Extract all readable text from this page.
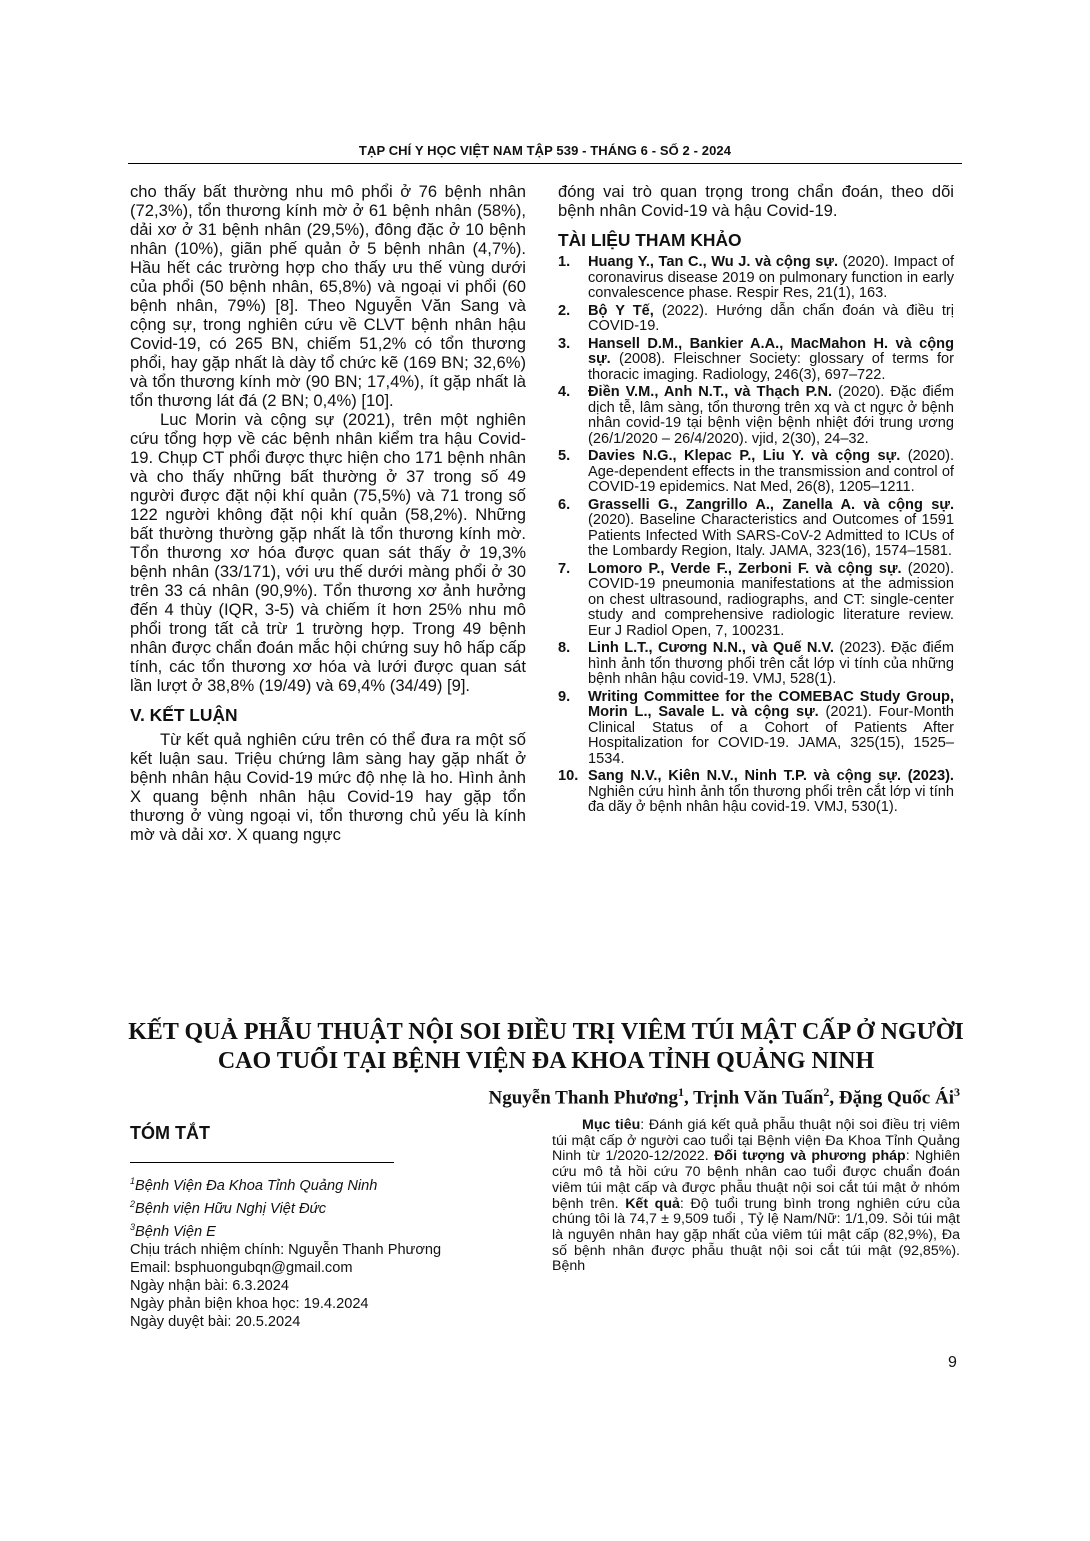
TẠP CHÍ Y HỌC VIỆT NAM TẬP 539 - THÁNG 6 - SỐ 2 - 2024

cho thấy bất thường nhu mô phổi ở 76 bệnh nhân (72,3%), tổn thương kính mờ ở 61 bệnh nhân (58%), dải xơ ở 31 bệnh nhân (29,5%), đông đặc ở 10 bệnh nhân (10%), giãn phế quản ở 5 bệnh nhân (4,7%). Hầu hết các trường hợp cho thấy ưu thế vùng dưới của phổi (50 bệnh nhân, 65,8%) và ngoại vi phổi (60 bệnh nhân, 79%) [8]. Theo Nguyễn Văn Sang và cộng sự, trong nghiên cứu về CLVT bệnh nhân hậu Covid-19, có 265 BN, chiếm 51,2% có tổn thương phổi, hay gặp nhất là dày tổ chức kẽ (169 BN; 32,6%) và tổn thương kính mờ (90 BN; 17,4%), ít gặp nhất là tổn thương lát đá (2 BN; 0,4%) [10].

Luc Morin và cộng sự (2021), trên một nghiên cứu tổng hợp về các bệnh nhân kiểm tra hậu Covid-19. Chụp CT phổi được thực hiện cho 171 bệnh nhân và cho thấy những bất thường ở 37 trong số 49 người được đặt nội khí quản (75,5%) và 71 trong số 122 người không đặt nội khí quản (58,2%). Những bất thường thường gặp nhất là tổn thương kính mờ. Tổn thương xơ hóa được quan sát thấy ở 19,3% bệnh nhân (33/171), với ưu thế dưới màng phổi ở 30 trên 33 cá nhân (90,9%). Tổn thương xơ ảnh hưởng đến 4 thùy (IQR, 3-5) và chiếm ít hơn 25% nhu mô phổi trong tất cả trừ 1 trường hợp. Trong 49 bệnh nhân được chẩn đoán mắc hội chứng suy hô hấp cấp tính, các tổn thương xơ hóa và lưới được quan sát lần lượt ở 38,8% (19/49) và 69,4% (34/49) [9].

V. KẾT LUẬN

Từ kết quả nghiên cứu trên có thể đưa ra một số kết luận sau. Triệu chứng lâm sàng hay gặp nhất ở bệnh nhân hậu Covid-19 mức độ nhẹ là ho. Hình ảnh X quang bệnh nhân hậu Covid-19 hay gặp tổn thương ở vùng ngoại vi, tổn thương chủ yếu là kính mờ và dải xơ. X quang ngực

đóng vai trò quan trọng trong chẩn đoán, theo dõi bệnh nhân Covid-19 và hậu Covid-19.

TÀI LIỆU THAM KHẢO
1. Huang Y., Tan C., Wu J. và cộng sự. (2020). Impact of coronavirus disease 2019 on pulmonary function in early convalescence phase. Respir Res, 21(1), 163.
2. Bộ Y Tế, (2022). Hướng dẫn chẩn đoán và điều trị COVID-19.
3. Hansell D.M., Bankier A.A., MacMahon H. và cộng sự. (2008). Fleischner Society: glossary of terms for thoracic imaging. Radiology, 246(3), 697–722.
4. Điền V.M., Anh N.T., và Thạch P.N. (2020). Đặc điểm dịch tễ, lâm sàng, tổn thương trên xq và ct ngực ở bệnh nhân covid-19 tại bệnh viện bệnh nhiệt đới trung ương (26/1/2020 – 26/4/2020). vjid, 2(30), 24–32.
5. Davies N.G., Klepac P., Liu Y. và cộng sự. (2020). Age-dependent effects in the transmission and control of COVID-19 epidemics. Nat Med, 26(8), 1205–1211.
6. Grasselli G., Zangrillo A., Zanella A. và cộng sự. (2020). Baseline Characteristics and Outcomes of 1591 Patients Infected With SARS-CoV-2 Admitted to ICUs of the Lombardy Region, Italy. JAMA, 323(16), 1574–1581.
7. Lomoro P., Verde F., Zerboni F. và cộng sự. (2020). COVID-19 pneumonia manifestations at the admission on chest ultrasound, radiographs, and CT: single-center study and comprehensive radiologic literature review. Eur J Radiol Open, 7, 100231.
8. Linh L.T., Cương N.N., và Quế N.V. (2023). Đặc điểm hình ảnh tổn thương phổi trên cắt lớp vi tính của những bệnh nhân hậu covid-19. VMJ, 528(1).
9. Writing Committee for the COMEBAC Study Group, Morin L., Savale L. và cộng sự. (2021). Four-Month Clinical Status of a Cohort of Patients After Hospitalization for COVID-19. JAMA, 325(15), 1525–1534.
10. Sang N.V., Kiên N.V., Ninh T.P. và cộng sự. (2023). Nghiên cứu hình ảnh tổn thương phổi trên cắt lớp vi tính đa dãy ở bệnh nhân hậu covid-19. VMJ, 530(1).
KẾT QUẢ PHẪU THUẬT NỘI SOI ĐIỀU TRỊ VIÊM TÚI MẬT CẤP Ở NGƯỜI CAO TUỔI TẠI BỆNH VIỆN ĐA KHOA TỈNH QUẢNG NINH
Nguyễn Thanh Phương$^1$, Trịnh Văn Tuấn$^2$, Đặng Quốc $Ái^3$
TÓM TẮT
$^1$Bệnh Viện Đa Khoa Tỉnh Quảng Ninh
$^2$Bệnh viện Hữu Nghị Việt Đức
$^3$Bệnh Viện E
Chịu trách nhiệm chính: Nguyễn Thanh Phương
Email: bsphuongubqn@gmail.com
Ngày nhận bài: 6.3.2024
Ngày phản biện khoa học: 19.4.2024
Ngày duyệt bài: 20.5.2024

Mục tiêu: Đánh giá kết quả phẫu thuật nội soi điều trị viêm túi mật cấp ở người cao tuổi tại Bệnh viện Đa Khoa Tỉnh Quảng Ninh từ 1/2020-12/2022. Đối tượng và phương pháp: Nghiên cứu mô tả hồi cứu 70 bệnh nhân cao tuổi được chuẩn đoán viêm túi mật cấp và được phẫu thuật nội soi cắt túi mật ở nhóm bệnh trên. Kết quả: Độ tuổi trung bình trong nghiên cứu của chúng tôi là 74,7 ± 9,509 tuổi , Tỷ lệ Nam/Nữ: 1/1,09. Sỏi túi mật là nguyên nhân hay gặp nhất của viêm túi mật cấp (82,9%), Đa số bệnh nhân được phẫu thuật nội soi cắt túi mật (92,85%). Bệnh

9
